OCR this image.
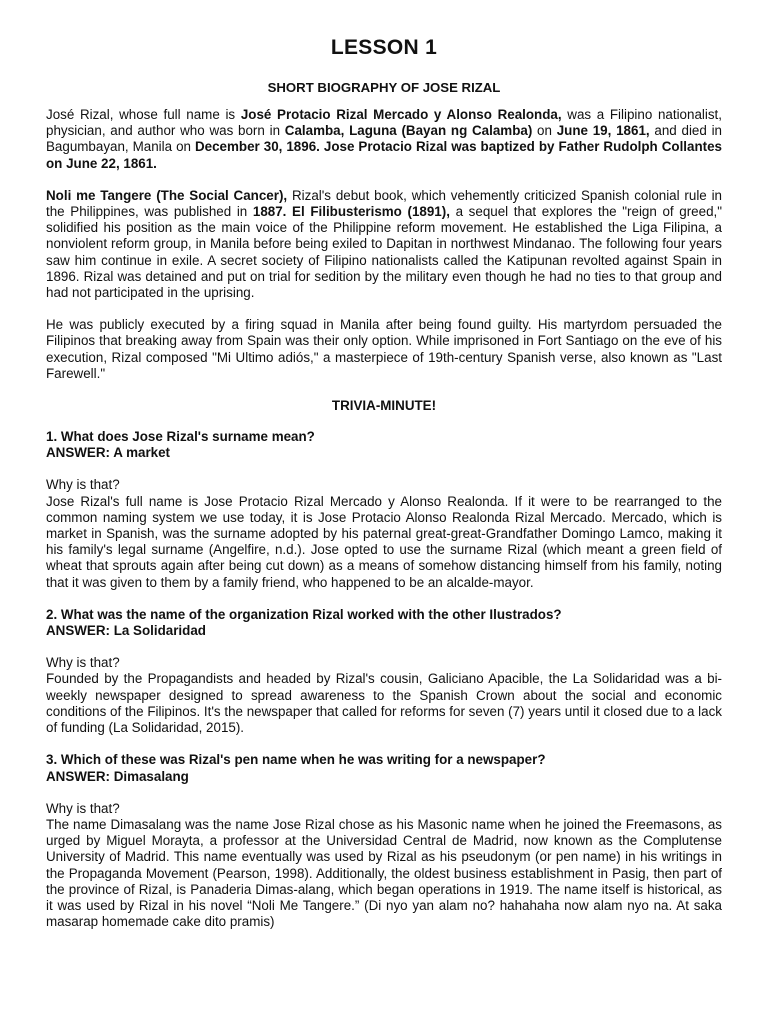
LESSON 1
SHORT BIOGRAPHY OF JOSE RIZAL

José Rizal, whose full name is José Protacio Rizal Mercado y Alonso Realonda, was a Filipino nationalist, physician, and author who was born in Calamba, Laguna (Bayan ng Calamba) on June 19, 1861, and died in Bagumbayan, Manila on December 30, 1896. Jose Protacio Rizal was baptized by Father Rudolph Collantes on June 22, 1861.

Noli me Tangere (The Social Cancer), Rizal's debut book, which vehemently criticized Spanish colonial rule in the Philippines, was published in 1887. El Filibusterismo (1891), a sequel that explores the "reign of greed," solidified his position as the main voice of the Philippine reform movement. He established the Liga Filipina, a nonviolent reform group, in Manila before being exiled to Dapitan in northwest Mindanao. The following four years saw him continue in exile. A secret society of Filipino nationalists called the Katipunan revolted against Spain in 1896. Rizal was detained and put on trial for sedition by the military even though he had no ties to that group and had not participated in the uprising.

He was publicly executed by a firing squad in Manila after being found guilty. His martyrdom persuaded the Filipinos that breaking away from Spain was their only option. While imprisoned in Fort Santiago on the eve of his execution, Rizal composed "Mi Ultimo adiós," a masterpiece of 19th-century Spanish verse, also known as "Last Farewell."

TRIVIA-MINUTE!
1. What does Jose Rizal's surname mean?
ANSWER: A market
Why is that?

Jose Rizal's full name is Jose Protacio Rizal Mercado y Alonso Realonda. If it were to be rearranged to the common naming system we use today, it is Jose Protacio Alonso Realonda Rizal Mercado. Mercado, which is market in Spanish, was the surname adopted by his paternal great-great-Grandfather Domingo Lamco, making it his family's legal surname (Angelfire, n.d.). Jose opted to use the surname Rizal (which meant a green field of wheat that sprouts again after being cut down) as a means of somehow distancing himself from his family, noting that it was given to them by a family friend, who happened to be an alcalde-mayor.

2. What was the name of the organization Rizal worked with the other Ilustrados?
ANSWER: La Solidaridad
Why is that?

Founded by the Propagandists and headed by Rizal's cousin, Galiciano Apacible, the La Solidaridad was a bi-weekly newspaper designed to spread awareness to the Spanish Crown about the social and economic conditions of the Filipinos. It's the newspaper that called for reforms for seven (7) years until it closed due to a lack of funding (La Solidaridad, 2015).

3. Which of these was Rizal's pen name when he was writing for a newspaper?
ANSWER: Dimasalang
Why is that?

The name Dimasalang was the name Jose Rizal chose as his Masonic name when he joined the Freemasons, as urged by Miguel Morayta, a professor at the Universidad Central de Madrid, now known as the Complutense University of Madrid. This name eventually was used by Rizal as his pseudonym (or pen name) in his writings in the Propaganda Movement (Pearson, 1998). Additionally, the oldest business establishment in Pasig, then part of the province of Rizal, is Panaderia Dimas-alang, which began operations in 1919. The name itself is historical, as it was used by Rizal in his novel “Noli Me Tangere.” (Di nyo yan alam no? hahahaha now alam nyo na. At saka masarap homemade cake dito pramis)
